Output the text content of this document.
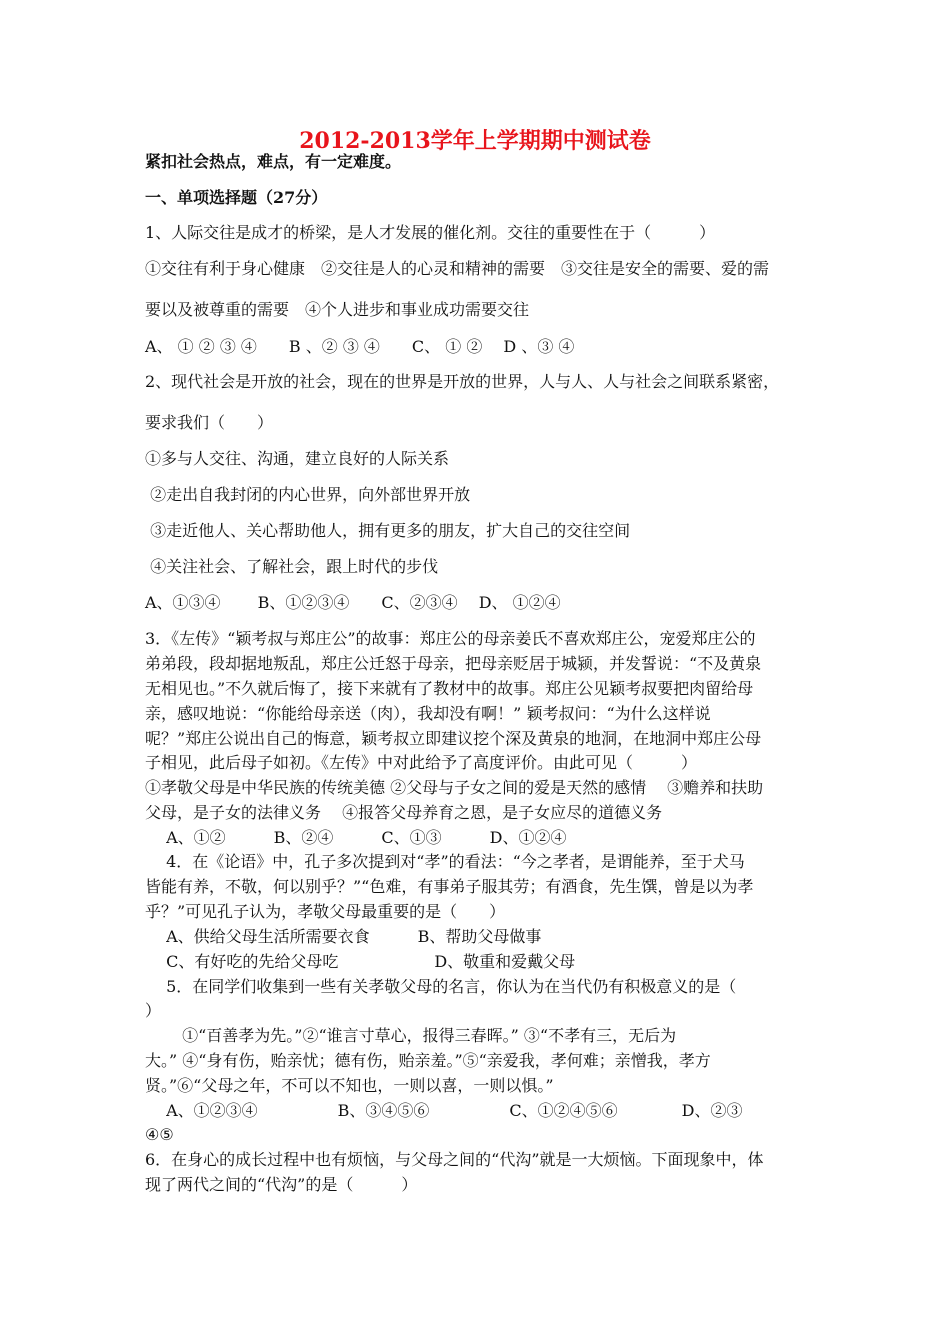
2012-2013学年上学期期中测试卷

紧扣社会热点，难点，有一定难度。

一、单项选择题（27分）

1、人际交往是成才的桥梁，是人才发展的催化剂。交往的重要性在于（　　　）

①交往有利于身心健康　②交往是人的心灵和精神的需要　③交往是安全的需要、爱的需

要以及被尊重的需要　④个人进步和事业成功需要交往

A、 ① ② ③ ④　　B 、② ③ ④　　C、 ① ②　 D 、③ ④

2、现代社会是开放的社会，现在的世界是开放的世界，人与人、人与社会之间联系紧密，

要求我们（　　）

①多与人交往、沟通，建立良好的人际关系

②走出自我封闭的内心世界，向外部世界开放

③走近他人、关心帮助他人，拥有更多的朋友，扩大自己的交往空间

④关注社会、了解社会，跟上时代的步伐

A、①③④　　 B、①②③④　　C、②③④　 D、 ①②④

3．《左传》“颖考叔与郑庄公”的故事：郑庄公的母亲姜氏不喜欢郑庄公，宠爱郑庄公的

弟弟段，段却据地叛乱，郑庄公迁怒于母亲，把母亲贬居于城颍，并发誓说：“不及黄泉

无相见也。”不久就后悔了，接下来就有了教材中的故事。郑庄公见颖考叔要把肉留给母

亲，感叹地说：“你能给母亲送（肉），我却没有啊！” 颖考叔问：“为什么这样说

呢？”郑庄公说出自己的悔意，颖考叔立即建议挖个深及黄泉的地洞，在地洞中郑庄公母

子相见，此后母子如初。《左传》中对此给予了高度评价。由此可见（　　　）

①孝敬父母是中华民族的传统美德 ②父母与子女之间的爱是天然的感情　 ③赡养和扶助

父母，是子女的法律义务　 ④报答父母养育之恩，是子女应尽的道德义务

　 A、①②　　　B、②④　　　C、①③　　　D、①②④

　 4．在《论语》中，孔子多次提到对“孝”的看法：“今之孝者，是谓能养，至于犬马

皆能有养，不敬，何以别乎？”“色难，有事弟子服其劳；有酒食，先生馔，曾是以为孝

乎？”可见孔子认为，孝敬父母最重要的是（　　）

　 A、供给父母生活所需要衣食　　　B、帮助父母做事

　 C、有好吃的先给父母吃　　　　　　D、敬重和爱戴父母

　 5．在同学们收集到一些有关孝敬父母的名言，你认为在当代仍有积极意义的是（

）

　　 ①“百善孝为先。”②“谁言寸草心，报得三春晖。” ③“不孝有三，无后为

大。” ④“身有伤，贻亲忧；德有伤，贻亲羞。”⑤“亲爱我，孝何难；亲憎我，孝方

贤。”⑥“父母之年，不可以不知也，一则以喜，一则以惧。”

　 A、①②③④　　　　　B、③④⑤⑥　　　　　C、①②④⑤⑥　　　　D、②③

④⑤

6．在身心的成长过程中也有烦恼，与父母之间的“代沟”就是一大烦恼。下面现象中，体

现了两代之间的“代沟”的是（　　　）
